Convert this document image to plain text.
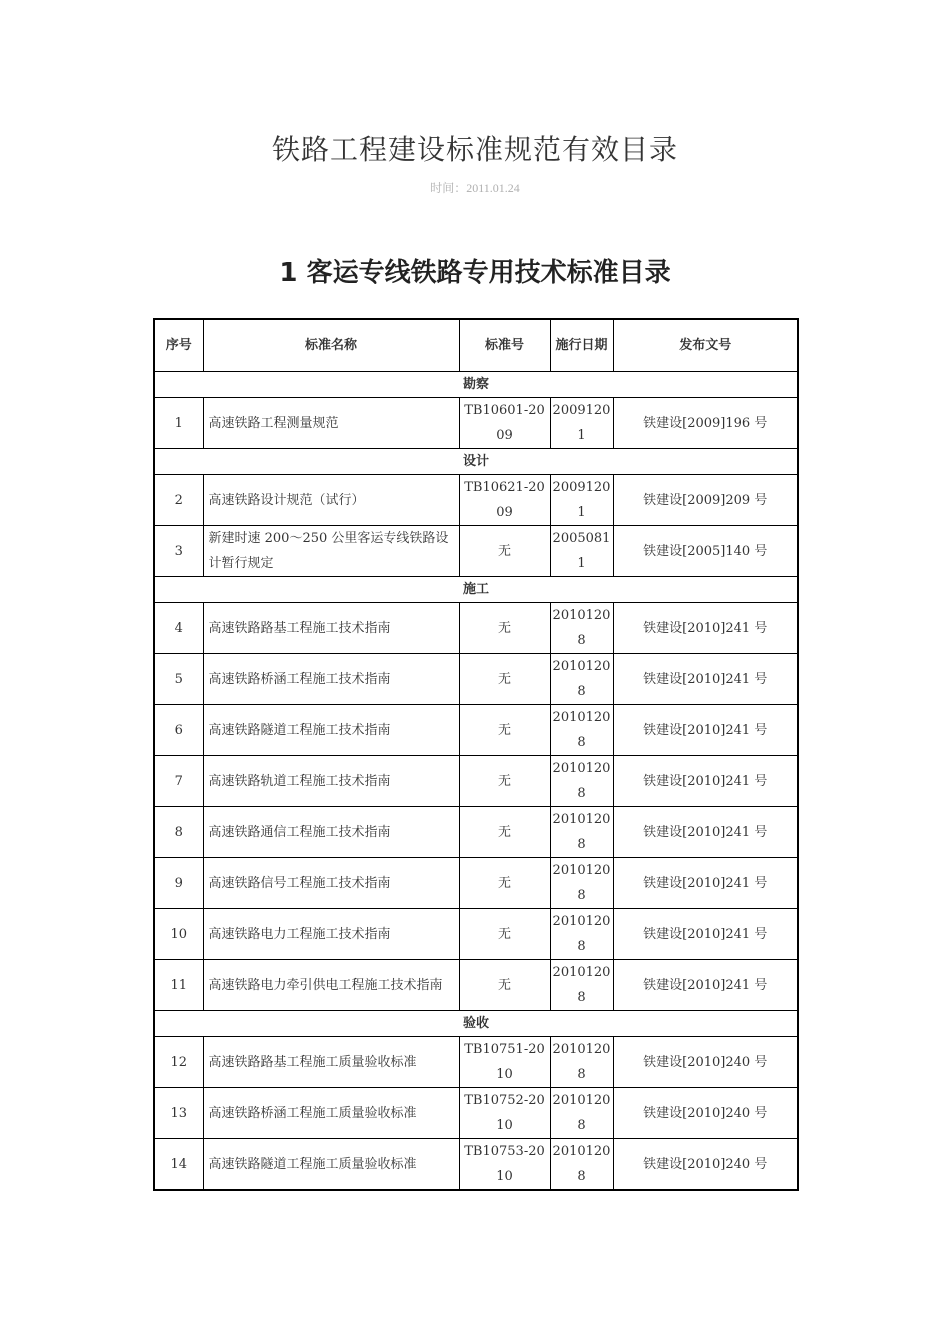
铁路工程建设标准规范有效目录
时间：2011.01.24
1 客运专线铁路专用技术标准目录
序号	标准名称	标准号	施行日期	发布文号
勘察				
1	高速铁路工程测量规范	TB10601-2009	20091201	铁建设[2009]196 号
设计				
2	高速铁路设计规范（试行）	TB10621-2009	20091201	铁建设[2009]209 号
3	新建时速 200～250 公里客运专线铁路设计暂行规定	无	20050811	铁建设[2005]140 号
施工				
4	高速铁路路基工程施工技术指南	无	20101208	铁建设[2010]241 号
5	高速铁路桥涵工程施工技术指南	无	20101208	铁建设[2010]241 号
6	高速铁路隧道工程施工技术指南	无	20101208	铁建设[2010]241 号
7	高速铁路轨道工程施工技术指南	无	20101208	铁建设[2010]241 号
8	高速铁路通信工程施工技术指南	无	20101208	铁建设[2010]241 号
9	高速铁路信号工程施工技术指南	无	20101208	铁建设[2010]241 号
10	高速铁路电力工程施工技术指南	无	20101208	铁建设[2010]241 号
11	高速铁路电力牵引供电工程施工技术指南	无	20101208	铁建设[2010]241 号
验收				
12	高速铁路路基工程施工质量验收标准	TB10751-2010	20101208	铁建设[2010]240 号
13	高速铁路桥涵工程施工质量验收标准	TB10752-2010	20101208	铁建设[2010]240 号
14	高速铁路隧道工程施工质量验收标准	TB10753-2010	20101208	铁建设[2010]240 号
